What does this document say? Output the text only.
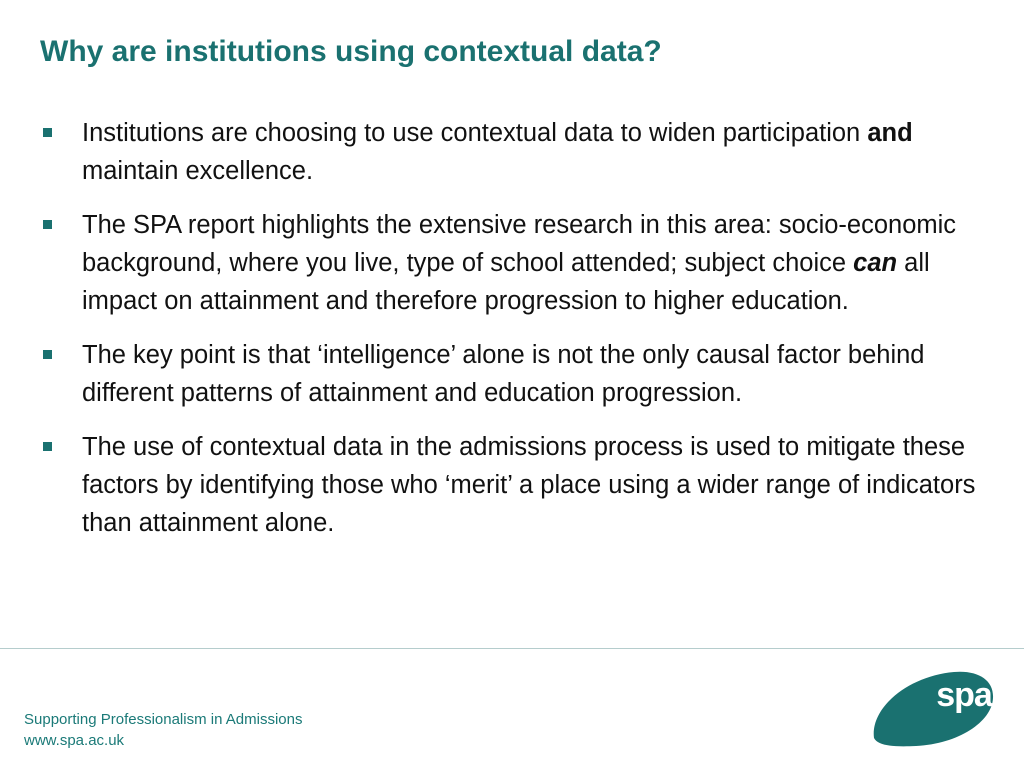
Why are institutions using contextual data?
Institutions are choosing to use contextual data to widen participation and maintain excellence.
The SPA report highlights the extensive research in this area: socio-economic background, where you live, type of school attended; subject choice can all impact on attainment and therefore progression to higher education.
The key point is that ‘intelligence’ alone is not the only causal factor behind different patterns of attainment and education progression.
The use of contextual data in the admissions process is used to mitigate these factors by identifying those who ‘merit’ a place using a wider range of indicators than attainment alone.
Supporting Professionalism in Admissions
www.spa.ac.uk
spa
